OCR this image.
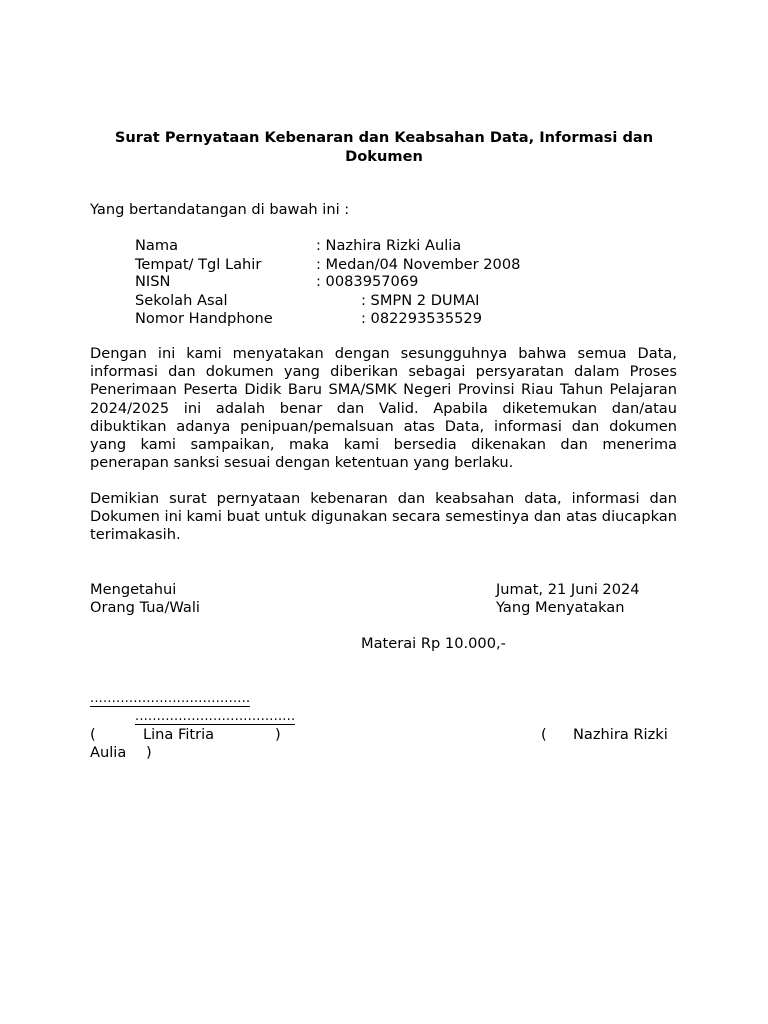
Surat Pernyataan Kebenaran dan Keabsahan Data, Informasi dan Dokumen
Yang bertandatangan di bawah ini :
Nama	: Nazhira Rizki Aulia
Tempat/ Tgl Lahir	: Medan/04 November 2008
NISN	: 0083957069
Sekolah Asal	: SMPN 2 DUMAI
Nomor Handphone	: 082293535529
Dengan ini kami menyatakan dengan sesungguhnya bahwa semua Data, informasi dan dokumen yang diberikan sebagai persyaratan dalam Proses Penerimaan Peserta Didik Baru SMA/SMK Negeri Provinsi Riau Tahun Pelajaran 2024/2025 ini adalah benar dan Valid. Apabila diketemukan dan/atau dibuktikan adanya penipuan/pemalsuan atas Data, informasi dan dokumen yang kami sampaikan, maka kami bersedia dikenakan dan menerima penerapan sanksi sesuai dengan ketentuan yang berlaku.
Demikian surat pernyataan kebenaran dan keabsahan data, informasi dan Dokumen ini kami buat untuk digunakan secara semestinya dan atas diucapkan terimakasih.
Mengetahui
Orang Tua/Wali
Jumat, 21 Juni 2024
Yang Menyatakan
Materai Rp 10.000,-
.....................................
.....................................
(	Lina Fitria	)	( Nazhira Rizki
Aulia )
